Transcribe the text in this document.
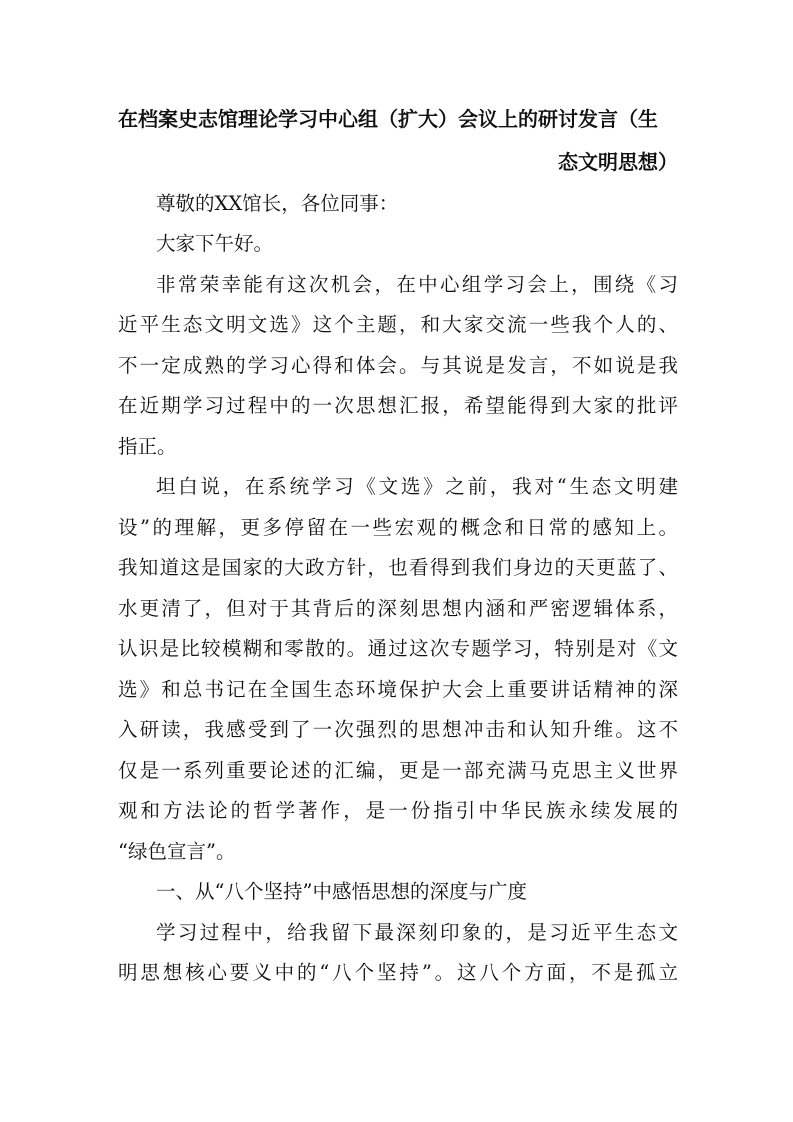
在档案史志馆理论学习中心组（扩大）会议上的研讨发言（生
态文明思想）
尊敬的XX馆长，各位同事：
大家下午好。
非常荣幸能有这次机会，在中心组学习会上，围绕《习
近平生态文明文选》这个主题，和大家交流一些我个人的、
不一定成熟的学习心得和体会。与其说是发言，不如说是我
在近期学习过程中的一次思想汇报，希望能得到大家的批评
指正。
坦白说，在系统学习《文选》之前，我对“生态文明建
设”的理解，更多停留在一些宏观的概念和日常的感知上。
我知道这是国家的大政方针，也看得到我们身边的天更蓝了、
水更清了，但对于其背后的深刻思想内涵和严密逻辑体系，
认识是比较模糊和零散的。通过这次专题学习，特别是对《文
选》和总书记在全国生态环境保护大会上重要讲话精神的深
入研读，我感受到了一次强烈的思想冲击和认知升维。这不
仅是一系列重要论述的汇编，更是一部充满马克思主义世界
观和方法论的哲学著作，是一份指引中华民族永续发展的
“绿色宣言”。
一、从“八个坚持”中感悟思想的深度与广度
学习过程中，给我留下最深刻印象的，是习近平生态文
明思想核心要义中的“八个坚持”。这八个方面，不是孤立
